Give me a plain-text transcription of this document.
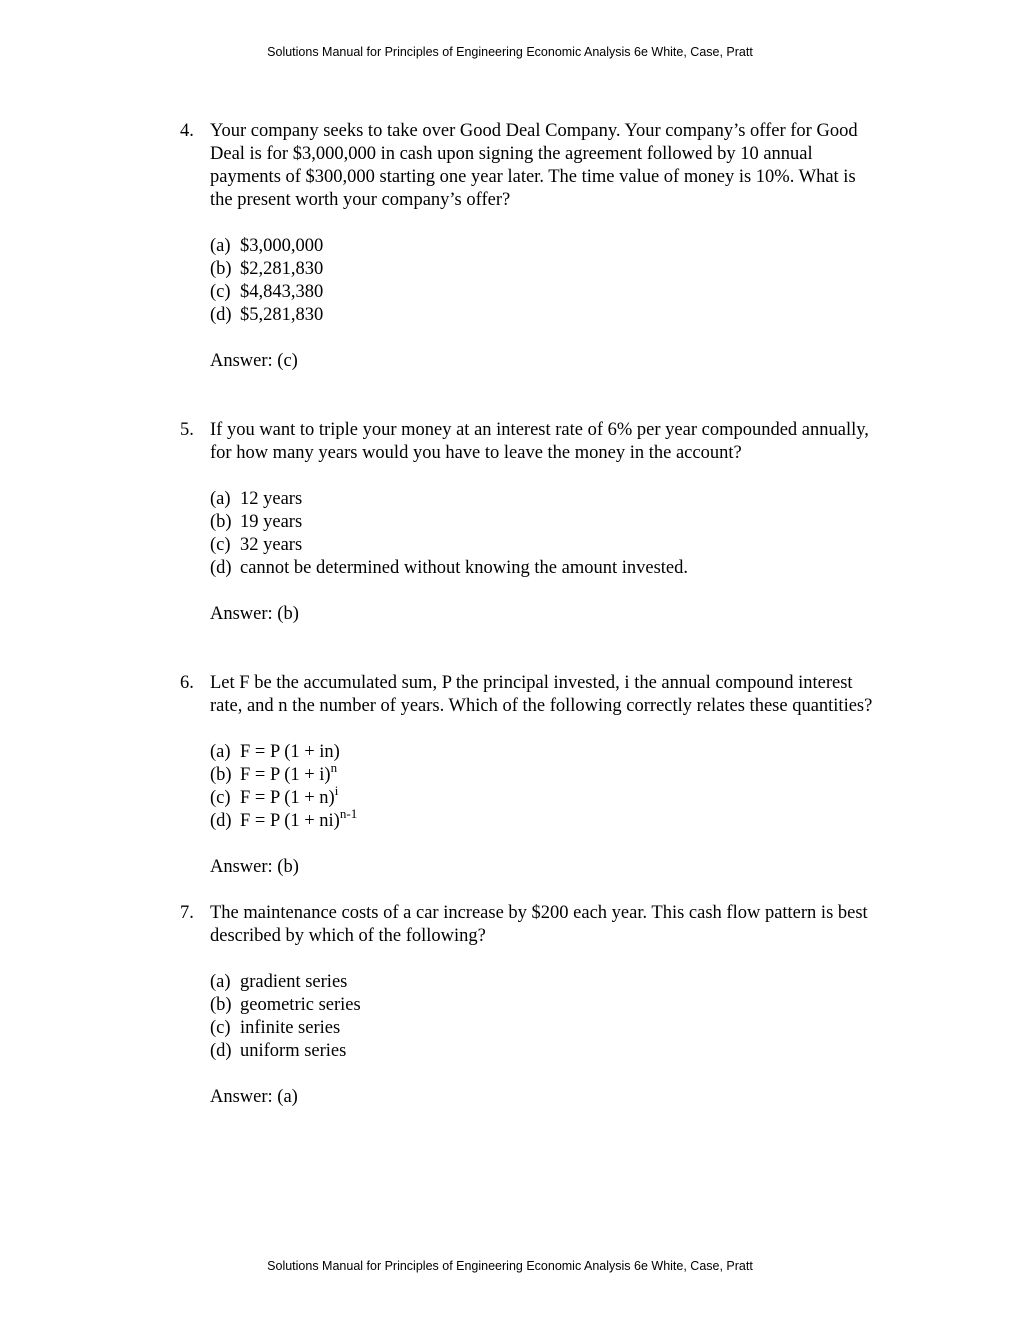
Solutions Manual for Principles of Engineering Economic Analysis 6e White, Case, Pratt
4. Your company seeks to take over Good Deal Company. Your company’s offer for Good Deal is for $3,000,000 in cash upon signing the agreement followed by 10 annual payments of $300,000 starting one year later. The time value of money is 10%. What is the present worth your company’s offer?

(a) $3,000,000
(b) $2,281,830
(c) $4,843,380
(d) $5,281,830
Answer: (c)
5. If you want to triple your money at an interest rate of 6% per year compounded annually, for how many years would you have to leave the money in the account?

(a) 12 years
(b) 19 years
(c) 32 years
(d) cannot be determined without knowing the amount invested.
Answer: (b)
6. Let F be the accumulated sum, P the principal invested, i the annual compound interest rate, and n the number of years. Which of the following correctly relates these quantities?

(a) F = P (1 + in)
(b) F = P $(1 + i)^n$
(c) F = P $(1 + n)^i$
(d) F = P (1 + ni)$^{n-1}$
Answer: (b)
7. The maintenance costs of a car increase by $200 each year. This cash flow pattern is best described by which of the following?

(a) gradient series
(b) geometric series
(c) infinite series
(d) uniform series
Answer: (a)
Solutions Manual for Principles of Engineering Economic Analysis 6e White, Case, Pratt
